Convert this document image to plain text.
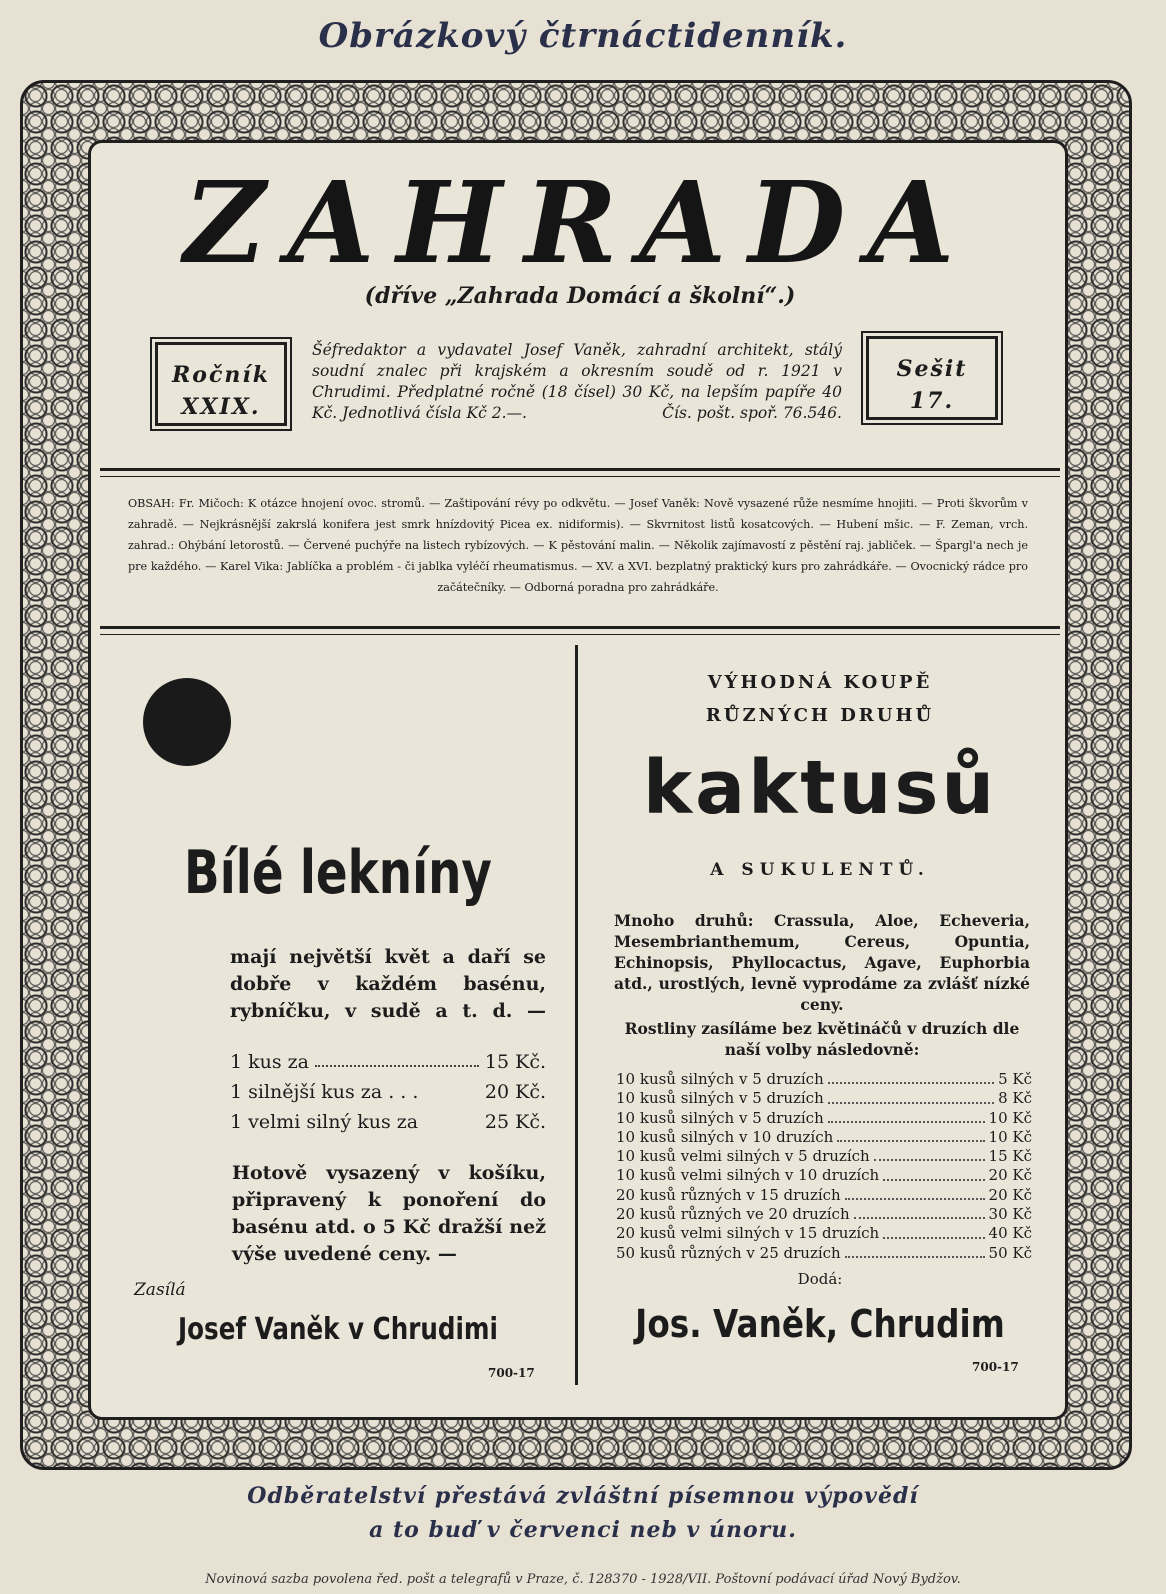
Obrázkový čtrnáctidenník.
ZAHRADA
(dříve „Zahrada Domácí a školní“.)
Ročník
XXIX.
Šéfredaktor a vydavatel Josef Vaněk, zahradní architekt, stálý soudní znalec při krajském a okresním soudě od r. 1921 v Chrudimi. Předplatné ročně (18 čísel) 30 Kč, na lepším papíře 40 Kč. Jednotlivá čísla Kč 2.—.	Čís. pošt. spoř. 76.546.
Sešit
17.
OBSAH: Fr. Mičoch: K otázce hnojení ovoc. stromů. — Zaštipování révy po odkvětu. — Josef Vaněk: Nově vysazené růže nesmíme hnojiti. — Proti škvorům v zahradě. — Nejkrásnější zakrslá konifera jest smrk hnízdovitý Picea ex. nidiformis). — Skvrnitost listů kosatcových. — Hubení mšic. — F. Zeman, vrch. zahrad.: Ohýbání letorostů. — Červené puchýře na listech rybízových. — K pěstování malin. — Několik zajímavostí z pěstění raj. jabliček. — Špargl'a nech je pre každého. — Karel Vika: Jablíčka a problém - či jablka vyléčí rheumatismus. — XV. a XVI. bezplatný praktický kurs pro zahrádkáře. — Ovocnický rádce pro začátečníky. — Odborná poradna pro zahrádkáře.
Bílé lekníny
mají největší květ a daří se dobře v každém basénu, rybníčku, v sudě a t. d. —
1 kus za	15 Kč.
1 silnější kus za . . .	20 Kč.
1 velmi silný kus za	25 Kč.
Hotově vysazený v košíku, připravený k ponoření do basénu atd. o 5 Kč dražší než výše uvedené ceny. —
Zasílá
Josef Vaněk v Chrudimi
700-17
VÝHODNÁ KOUPĚ
RŮZNÝCH DRUHŮ
kaktusů
A SUKULENTŮ.
Mnoho druhů: Crassula, Aloe, Echeveria, Mesembrianthemum, Cereus, Opuntia, Echinopsis, Phyllocactus, Agave, Euphorbia atd., urostlých, levně vyprodáme za zvlášť nízké ceny.
Rostliny zasíláme bez květináčů v druzích dle naší volby následovně:
10 kusů silných v 5 druzích	5 Kč
10 kusů silných v 5 druzích	8 Kč
10 kusů silných v 5 druzích	10 Kč
10 kusů silných v 10 druzích	10 Kč
10 kusů velmi silných v 5 druzích	15 Kč
10 kusů velmi silných v 10 druzích	20 Kč
20 kusů různých v 15 druzích	20 Kč
20 kusů různých ve 20 druzích	30 Kč
20 kusů velmi silných v 15 druzích	40 Kč
50 kusů různých v 25 druzích	50 Kč
Dodá:
Jos. Vaněk, Chrudim
700-17
Odběratelství přestává zvláštní písemnou výpovědí
a to buď v červenci neb v únoru.
Novinová sazba povolena řed. pošt a telegrafů v Praze, č. 128370 - 1928/VII. Poštovní podávací úřad Nový Bydžov.
